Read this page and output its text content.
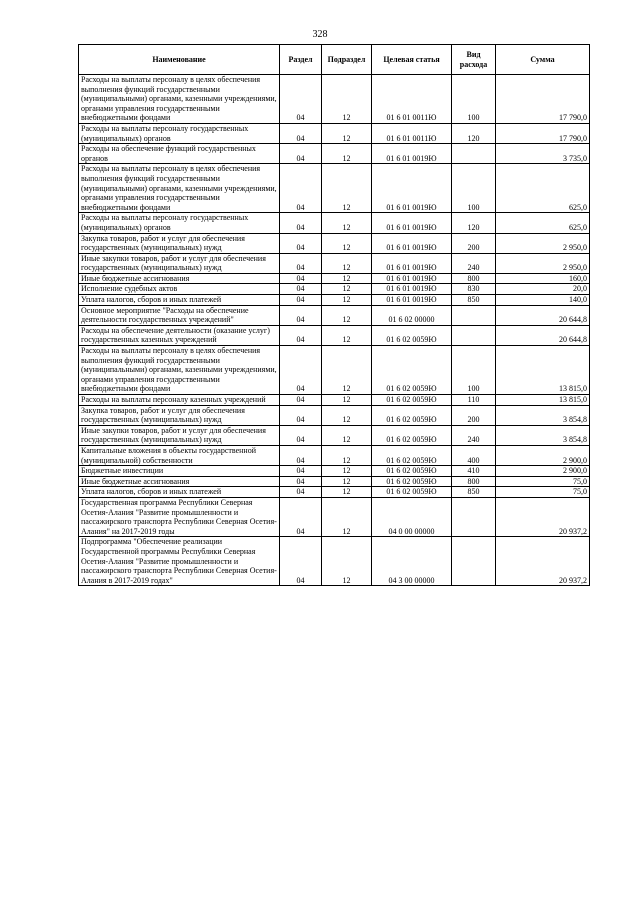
328
Наименование	Раздел	Подраздел	Целевая статья	Вид расхода	Сумма
Расходы на выплаты персоналу в целях обеспечения выполнения функций государственными (муниципальными) органами, казенными учреждениями, органами управления государственными внебюджетными фондами	04	12	01 6 01 0011Ю	100	17 790,0
Расходы на выплаты персоналу государственных (муниципальных) органов	04	12	01 6 01 0011Ю	120	17 790,0
Расходы на обеспечение функций государственных органов	04	12	01 6 01 0019Ю		3 735,0
Расходы на выплаты персоналу в целях обеспечения выполнения функций государственными (муниципальными) органами, казенными учреждениями, органами управления государственными внебюджетными фондами	04	12	01 6 01 0019Ю	100	625,0
Расходы на выплаты персоналу государственных (муниципальных) органов	04	12	01 6 01 0019Ю	120	625,0
Закупка товаров, работ и услуг для обеспечения государственных (муниципальных) нужд	04	12	01 6 01 0019Ю	200	2 950,0
Иные закупки товаров, работ и услуг для обеспечения государственных (муниципальных) нужд	04	12	01 6 01 0019Ю	240	2 950,0
Иные бюджетные ассигнования	04	12	01 6 01 0019Ю	800	160,0
Исполнение судебных актов	04	12	01 6 01 0019Ю	830	20,0
Уплата налогов, сборов и иных платежей	04	12	01 6 01 0019Ю	850	140,0
Основное мероприятие "Расходы на обеспечение деятельности государственных учреждений"	04	12	01 6 02 00000		20 644,8
Расходы на обеспечение деятельности (оказание услуг) государственных казенных учреждений	04	12	01 6 02 0059Ю		20 644,8
Расходы на выплаты персоналу в целях обеспечения выполнения функций государственными (муниципальными) органами, казенными учреждениями, органами управления государственными внебюджетными фондами	04	12	01 6 02 0059Ю	100	13 815,0
Расходы на выплаты персоналу казенных учреждений	04	12	01 6 02 0059Ю	110	13 815,0
Закупка товаров, работ и услуг для обеспечения государственных (муниципальных) нужд	04	12	01 6 02 0059Ю	200	3 854,8
Иные закупки товаров, работ и услуг для обеспечения государственных (муниципальных) нужд	04	12	01 6 02 0059Ю	240	3 854,8
Капитальные вложения в объекты государственной (муниципальной) собственности	04	12	01 6 02 0059Ю	400	2 900,0
Бюджетные инвестиции	04	12	01 6 02 0059Ю	410	2 900,0
Иные бюджетные ассигнования	04	12	01 6 02 0059Ю	800	75,0
Уплата налогов, сборов и иных платежей	04	12	01 6 02 0059Ю	850	75,0
Государственная программа Республики Северная Осетия-Алания "Развитие промышленности и пассажирского транспорта Республики Северная Осетия-Алания" на 2017-2019 годы	04	12	04 0 00 00000		20 937,2
Подпрограмма "Обеспечение реализации Государственной программы Республики Северная Осетия-Алания "Развитие промышленности и пассажирского транспорта Республики Северная Осетия-Алания в 2017-2019 годах"	04	12	04 3 00 00000		20 937,2
